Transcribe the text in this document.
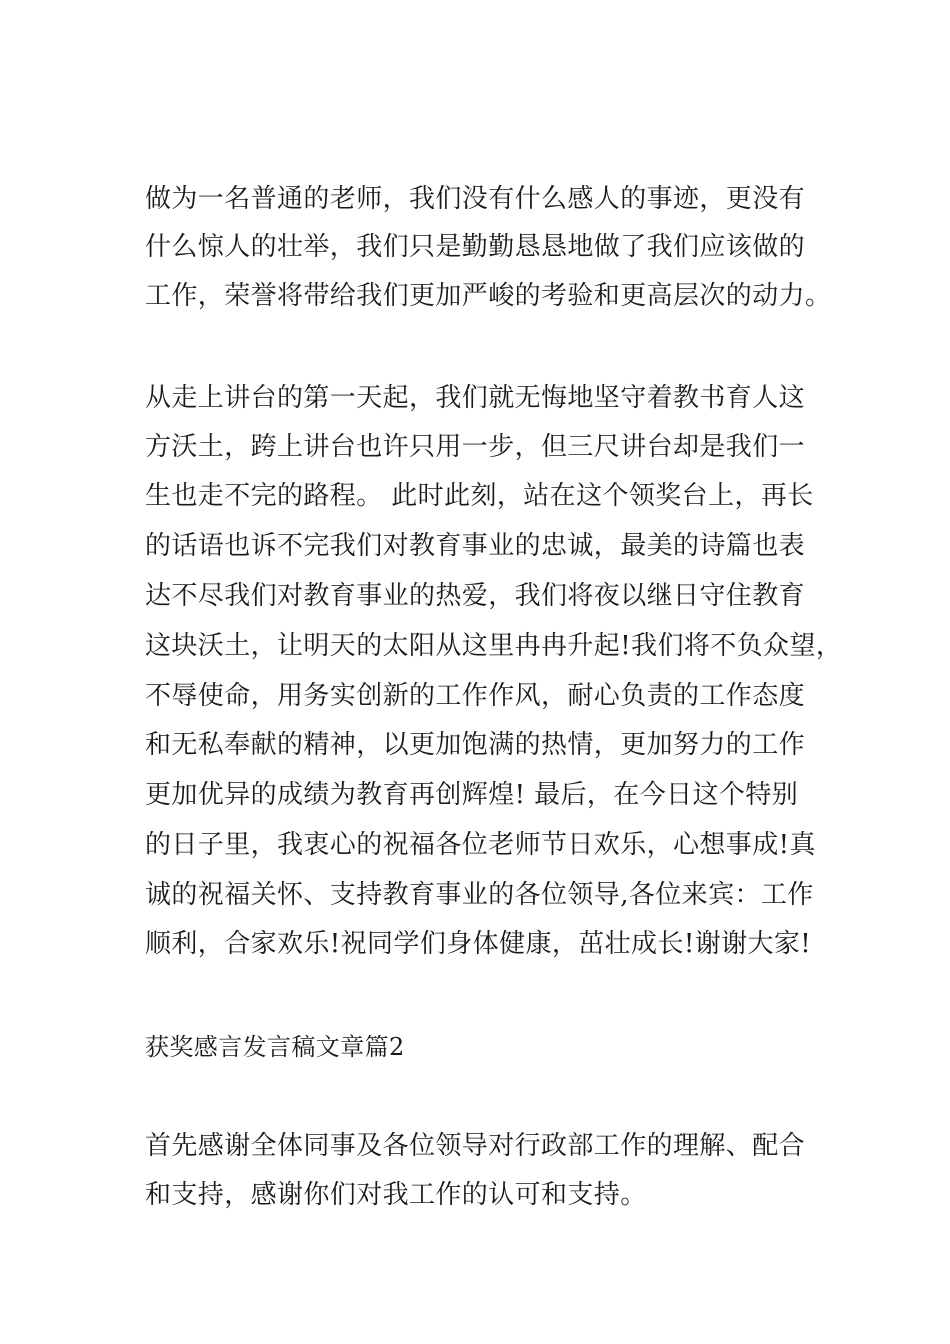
做为一名普通的老师，我们没有什么感人的事迹，更没有
什么惊人的壮举，我们只是勤勤恳恳地做了我们应该做的
工作，荣誉将带给我们更加严峻的考验和更高层次的动力。
从走上讲台的第一天起，我们就无悔地坚守着教书育人这
方沃土，跨上讲台也许只用一步，但三尺讲台却是我们一
生也走不完的路程。 此时此刻，站在这个领奖台上，再长
的话语也诉不完我们对教育事业的忠诚，最美的诗篇也表
达不尽我们对教育事业的热爱，我们将夜以继日守住教育
这块沃土，让明天的太阳从这里冉冉升起!我们将不负众望，
不辱使命，用务实创新的工作作风，耐心负责的工作态度
和无私奉献的精神，以更加饱满的热情，更加努力的工作
更加优异的成绩为教育再创辉煌! 最后，在今日这个特别
的日子里，我衷心的祝福各位老师节日欢乐，心想事成!真
诚的祝福关怀、支持教育事业的各位领导,各位来宾：工作
顺利，合家欢乐!祝同学们身体健康，茁壮成长!谢谢大家!
获奖感言发言稿文章篇2
首先感谢全体同事及各位领导对行政部工作的理解、配合
和支持，感谢你们对我工作的认可和支持。
